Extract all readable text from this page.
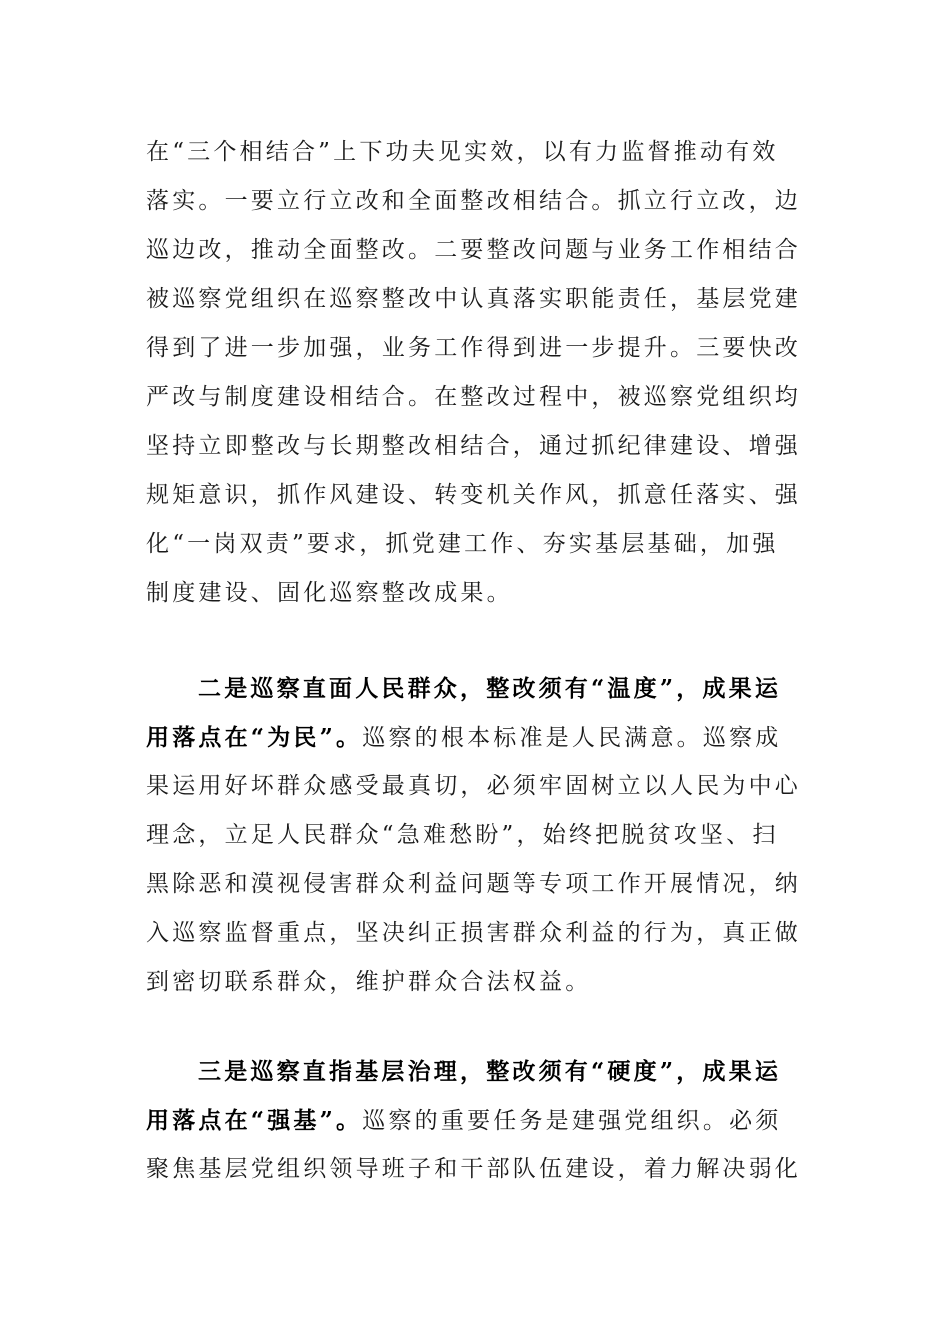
在“三个相结合”上下功夫见实效，以有力监督推动有效
落实。一要立行立改和全面整改相结合。抓立行立改，边
巡边改，推动全面整改。二要整改问题与业务工作相结合
被巡察党组织在巡察整改中认真落实职能责任，基层党建
得到了进一步加强，业务工作得到进一步提升。三要快改
严改与制度建设相结合。在整改过程中，被巡察党组织均
坚持立即整改与长期整改相结合，通过抓纪律建设、增强
规矩意识，抓作风建设、转变机关作风，抓意任落实、强
化“一岗双责”要求，抓党建工作、夯实基层基础，加强
制度建设、固化巡察整改成果。
二是巡察直面人民群众，整改须有“温度”，成果运
用落点在“为民”。巡察的根本标准是人民满意。巡察成
果运用好坏群众感受最真切，必须牢固树立以人民为中心
理念，立足人民群众“急难愁盼”，始终把脱贫攻坚、扫
黑除恶和漠视侵害群众利益问题等专项工作开展情况，纳
入巡察监督重点，坚决纠正损害群众利益的行为，真正做
到密切联系群众，维护群众合法权益。
三是巡察直指基层治理，整改须有“硬度”，成果运
用落点在“强基”。巡察的重要任务是建强党组织。必须
聚焦基层党组织领导班子和干部队伍建设，着力解决弱化
